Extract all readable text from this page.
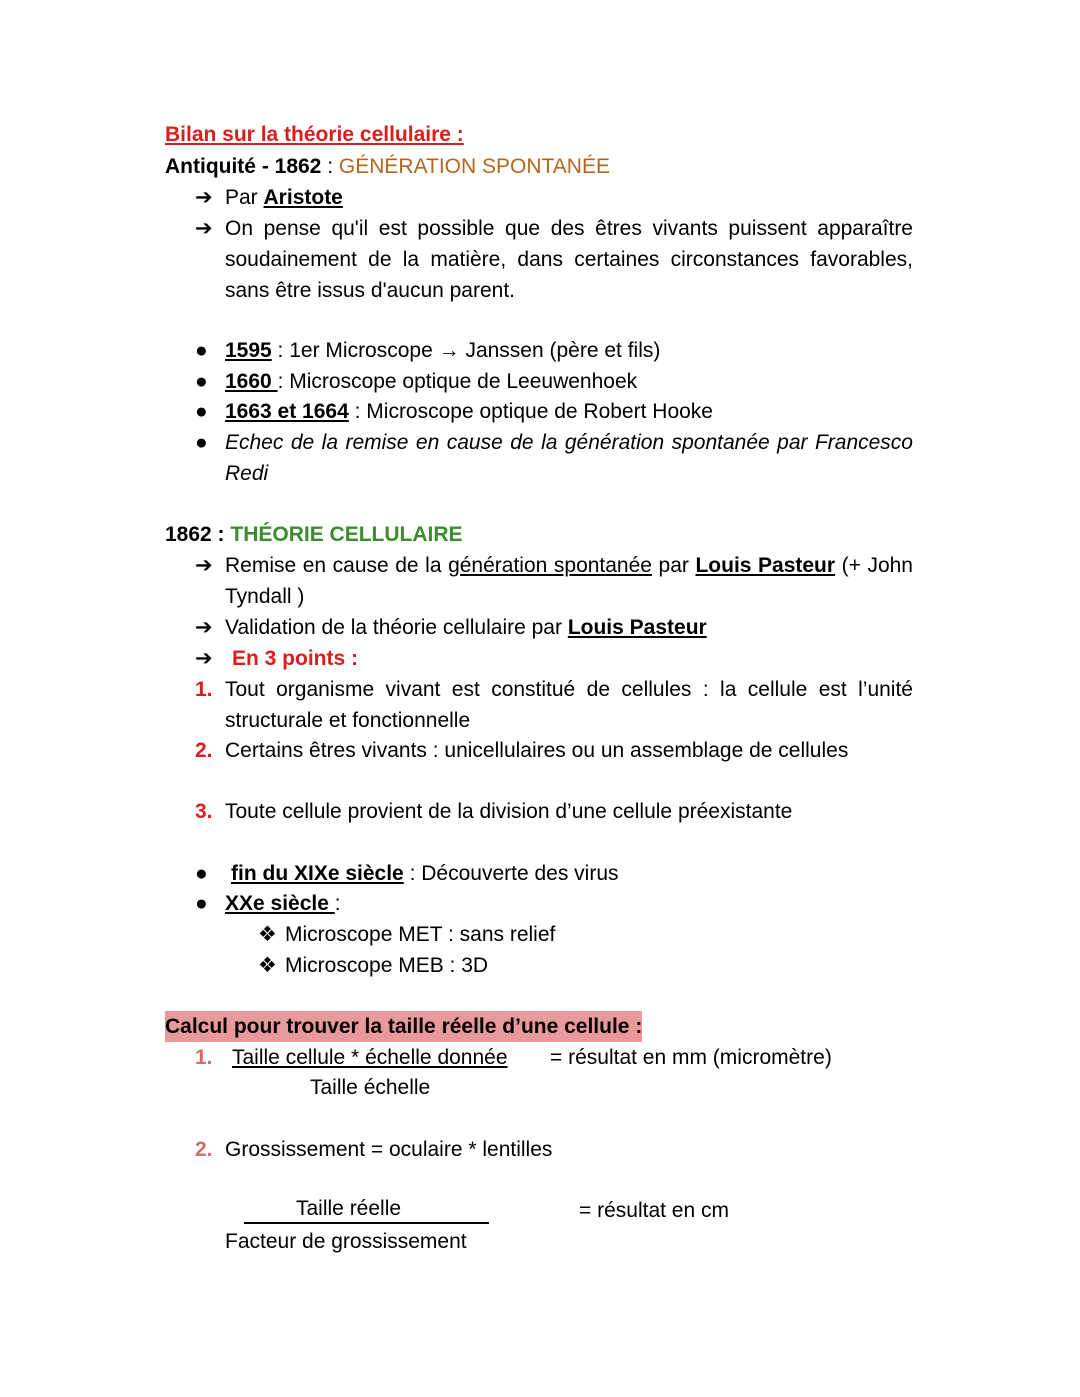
Bilan sur la théorie cellulaire :
Antiquité - 1862 : GÉNÉRATION SPONTANÉE
➔ Par Aristote
➔ On pense qu'il est possible que des êtres vivants puissent apparaître soudainement de la matière, dans certaines circonstances favorables, sans être issus d'aucun parent.
● 1595 : 1er Microscope → Janssen (père et fils)
● 1660 : Microscope optique de Leeuwenhoek
● 1663 et 1664 : Microscope optique de Robert Hooke
● Echec de la remise en cause de la génération spontanée par Francesco Redi
1862 : THÉORIE CELLULAIRE
➔ Remise en cause de la génération spontanée par Louis Pasteur (+ John Tyndall )
➔ Validation de la théorie cellulaire par Louis Pasteur
➔ En 3 points :
1. Tout organisme vivant est constitué de cellules : la cellule est l’unité structurale et fonctionnelle
2. Certains êtres vivants : unicellulaires ou un assemblage de cellules
3. Toute cellule provient de la division d’une cellule préexistante
● fin du XIXe siècle : Découverte des virus
● XXe siècle :
❖ Microscope MET : sans relief
❖ Microscope MEB : 3D
Calcul pour trouver la taille réelle d’une cellule :
1. Taille cellule * échelle donnée = résultat en mm (micromètre)
Taille échelle
2. Grossissement = oculaire * lentilles
Taille réelle	= résultat en cm
Facteur de grossissement
